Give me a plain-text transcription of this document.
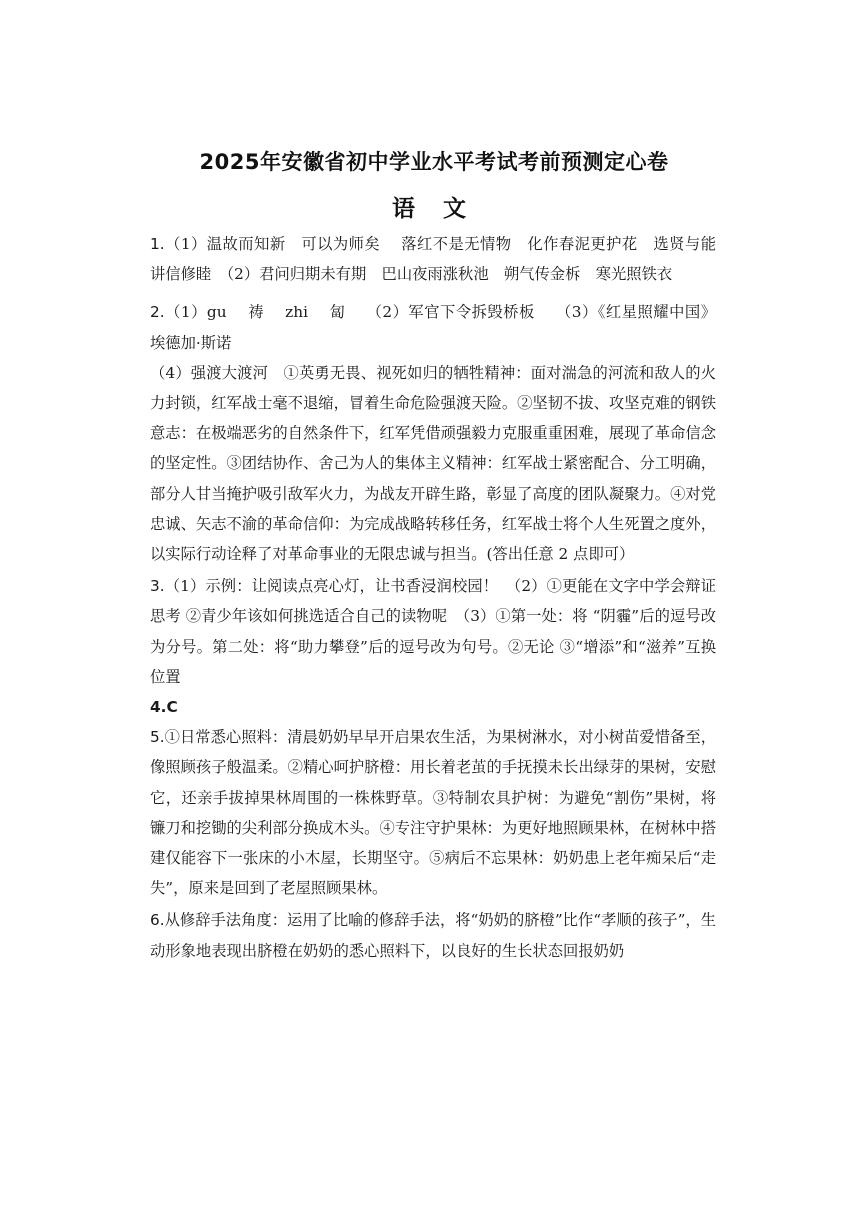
2025年安徽省初中学业水平考试考前预测定心卷
语 文

1.（1）温故而知新　可以为师矣　 落红不是无情物　化作春泥更护花　选贤与能　讲信修睦　（2）君问归期未有期　巴山夜雨涨秋池　朔气传金柝　寒光照铁衣

2.（1）gu　 祷　 zhi　 匐　 （2）军官下令拆毁桥板　 （3）《红星照耀中国》 埃德加·斯诺

（4）强渡大渡河　①英勇无畏、视死如归的牺牲精神：面对湍急的河流和敌人的火力封锁，红军战士毫不退缩，冒着生命危险强渡天险。②坚韧不拔、攻坚克难的钢铁意志：在极端恶劣的自然条件下，红军凭借顽强毅力克服重重困难，展现了革命信念的坚定性。③团结协作、舍己为人的集体主义精神：红军战士紧密配合、分工明确，部分人甘当掩护吸引敌军火力，为战友开辟生路，彰显了高度的团队凝聚力。④对党忠诚、矢志不渝的革命信仰：为完成战略转移任务，红军战士将个人生死置之度外，以实际行动诠释了对革命事业的无限忠诚与担当。(答出任意 2 点即可）

3.（1）示例：让阅读点亮心灯，让书香浸润校园！　（2）①更能在文字中学会辩证思考 ②青少年该如何挑选适合自己的读物呢　（3）①第一处：将 “阴霾”后的逗号改为分号。第二处：将“助力攀登”后的逗号改为句号。②无论 ③“增添”和“滋养”互换位置

4.C

5.①日常悉心照料：清晨奶奶早早开启果农生活，为果树淋水，对小树苗爱惜备至，像照顾孩子般温柔。②精心呵护脐橙：用长着老茧的手抚摸未长出绿芽的果树，安慰它，还亲手拔掉果林周围的一株株野草。③特制农具护树：为避免“割伤”果树，将镰刀和挖锄的尖利部分换成木头。④专注守护果林：为更好地照顾果林，在树林中搭建仅能容下一张床的小木屋，长期坚守。⑤病后不忘果林：奶奶患上老年痴呆后“走失”，原来是回到了老屋照顾果林。

6.从修辞手法角度：运用了比喻的修辞手法，将“奶奶的脐橙”比作“孝顺的孩子”，生动形象地表现出脐橙在奶奶的悉心照料下，以良好的生长状态回报奶奶
